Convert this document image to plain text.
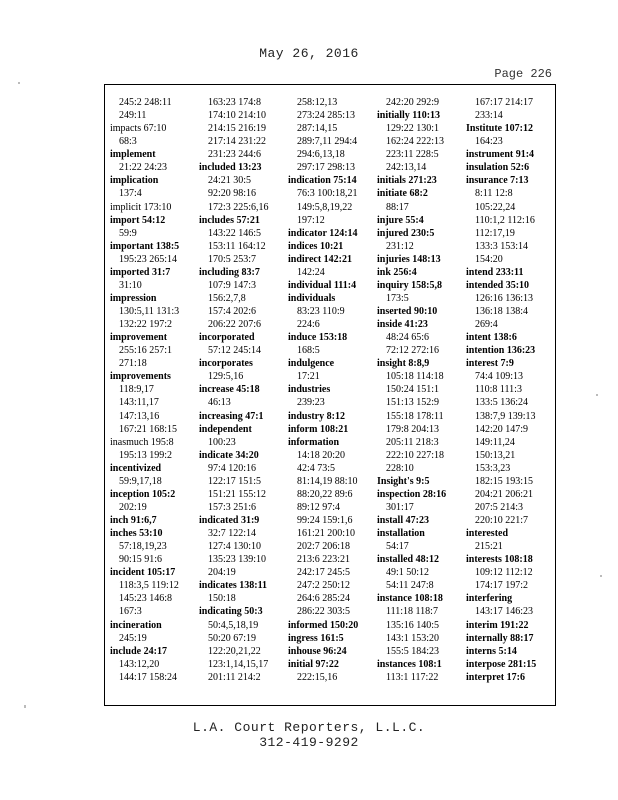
May 26, 2016
Page 226
245:2 248:11
249:11
impacts 67:10
68:3
implement
21:22 24:23
implication
137:4
implicit 173:10
import 54:12
59:9
important 138:5
195:23 265:14
imported 31:7
31:10
impression
130:5,11 131:3
132:22 197:2
improvement
255:16 257:1
271:18
improvements
118:9,17
143:11,17
147:13,16
167:21 168:15
inasmuch 195:8
195:13 199:2
incentivized
59:9,17,18
inception 105:2
202:19
inch 91:6,7
inches 53:10
57:18,19,23
90:15 91:6
incident 105:17
118:3,5 119:12
145:23 146:8
167:3
incineration
245:19
include 24:17
143:12,20
144:17 158:24
163:23 174:8
174:10 214:10
214:15 216:19
217:14 231:22
231:23 244:6
included 13:23
24:21 30:5
92:20 98:16
172:3 225:6,16
includes 57:21
143:22 146:5
153:11 164:12
170:5 253:7
including 83:7
107:9 147:3
156:2,7,8
157:4 202:6
206:22 207:6
incorporated
57:12 245:14
incorporates
129:5,16
increase 45:18
46:13
increasing 47:1
independent
100:23
indicate 34:20
97:4 120:16
122:17 151:5
151:21 155:12
157:3 251:6
indicated 31:9
32:7 122:14
127:4 130:10
135:23 139:10
204:19
indicates 138:11
150:18
indicating 50:3
50:4,5,18,19
50:20 67:19
122:20,21,22
123:1,14,15,17
201:11 214:2
258:12,13
273:24 285:13
287:14,15
289:7,11 294:4
294:6,13,18
297:17 298:13
indication 75:14
76:3 100:18,21
149:5,8,19,22
197:12
indicator 124:14
indices 10:21
indirect 142:21
142:24
individual 111:4
individuals
83:23 110:9
224:6
induce 153:18
168:5
indulgence
17:21
industries
239:23
industry 8:12
inform 108:21
information
14:18 20:20
42:4 73:5
81:14,19 88:10
88:20,22 89:6
89:12 97:4
99:24 159:1,6
161:21 200:10
202:7 206:18
213:6 223:21
242:17 245:5
247:2 250:12
264:6 285:24
286:22 303:5
informed 150:20
ingress 161:5
inhouse 96:24
initial 97:22
222:15,16
242:20 292:9
initially 110:13
129:22 130:1
162:24 222:13
223:11 228:5
242:13,14
initials 271:23
initiate 68:2
88:17
injure 55:4
injured 230:5
231:12
injuries 148:13
ink 256:4
inquiry 158:5,8
173:5
inserted 90:10
inside 41:23
48:24 65:6
72:12 272:16
insight 8:8,9
105:18 114:18
150:24 151:1
151:13 152:9
155:18 178:11
179:8 204:13
205:11 218:3
222:10 227:18
228:10
Insight's 9:5
inspection 28:16
301:17
install 47:23
installation
54:17
installed 48:12
49:1 50:12
54:11 247:8
instance 108:18
111:18 118:7
135:16 140:5
143:1 153:20
155:5 184:23
instances 108:1
113:1 117:22
167:17 214:17
233:14
Institute 107:12
164:23
instrument 91:4
insulation 52:6
insurance 7:13
8:11 12:8
105:22,24
110:1,2 112:16
112:17,19
133:3 153:14
154:20
intend 233:11
intended 35:10
126:16 136:13
136:18 138:4
269:4
intent 138:6
intention 136:23
interest 7:9
74:4 109:13
110:8 111:3
133:5 136:24
138:7,9 139:13
142:20 147:9
149:11,24
150:13,21
153:3,23
182:15 193:15
204:21 206:21
207:5 214:3
220:10 221:7
interested
215:21
interests 108:18
109:12 112:12
174:17 197:2
interfering
143:17 146:23
interim 191:22
internally 88:17
interns 5:14
interpose 281:15
interpret 17:6
L.A. Court Reporters, L.L.C.
312-419-9292
